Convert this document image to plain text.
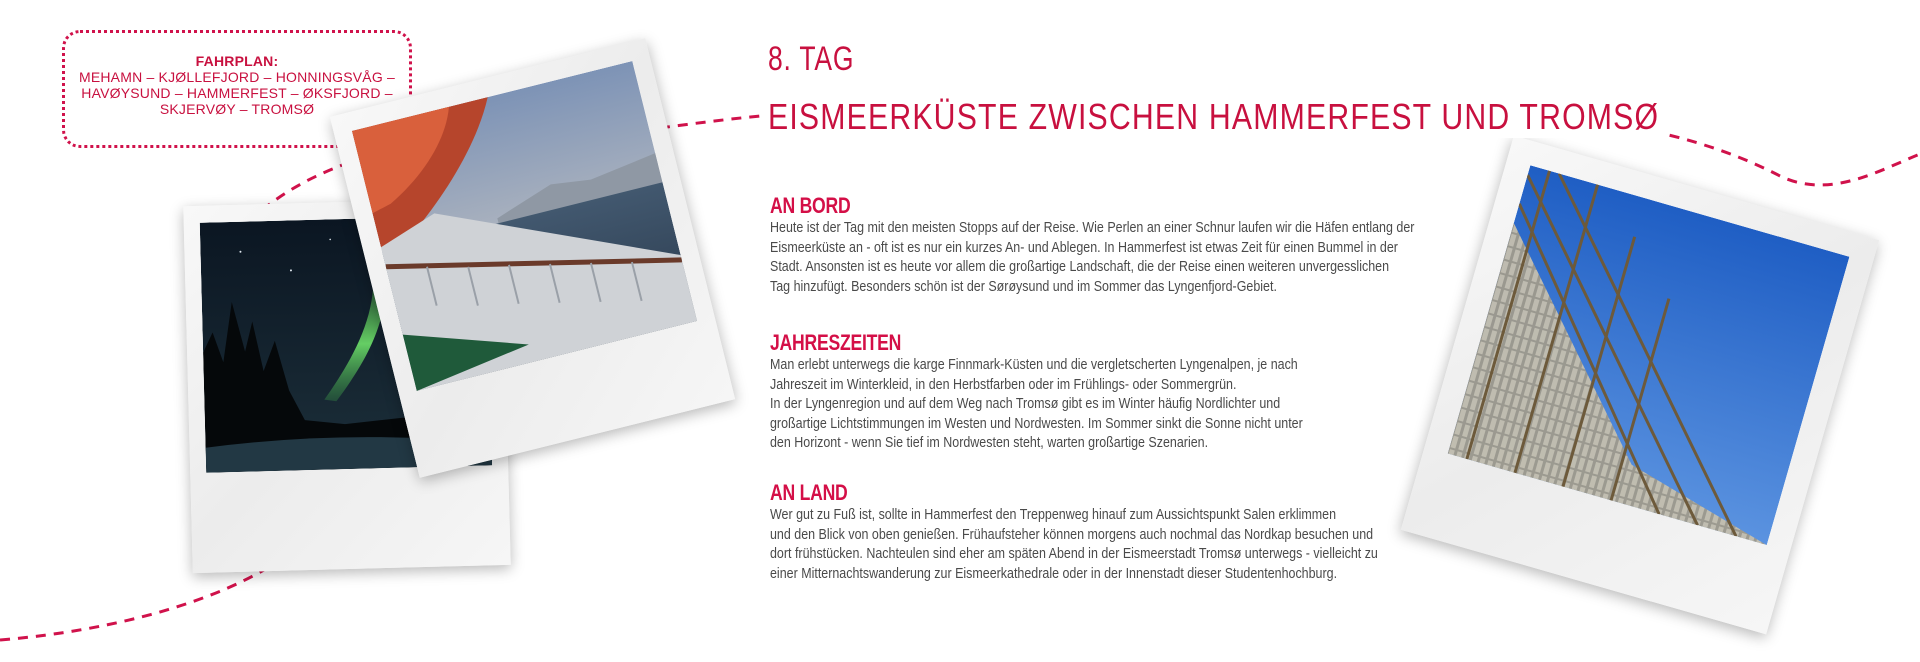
FAHRPLAN:
MEHAMN – KJØLLEFJORD – HONNINGSVÅG –
HAVØYSUND – HAMMERFEST – ØKSFJORD –
SKJERVØY – TROMSØ
8. TAG
EISMEERKÜSTE ZWISCHEN HAMMERFEST UND TROMSØ
AN BORD

Heute ist der Tag mit den meisten Stopps auf der Reise. Wie Perlen an einer Schnur laufen wir die Häfen entlang der
Eismeerküste an - oft ist es nur ein kurzes An- und Ablegen. In Hammerfest ist etwas Zeit für einen Bummel in der
Stadt. Ansonsten ist es heute vor allem die großartige Landschaft, die der Reise einen weiteren unvergesslichen
Tag hinzufügt. Besonders schön ist der Sørøysund und im Sommer das Lyngenfjord-Gebiet.

JAHRESZEITEN

Man erlebt unterwegs die karge Finnmark-Küsten und die vergletscherten Lyngenalpen, je nach
Jahreszeit im Winterkleid, in den Herbstfarben oder im Frühlings- oder Sommergrün.
In der Lyngenregion und auf dem Weg nach Tromsø gibt es im Winter häufig Nordlichter und
großartige Lichtstimmungen im Westen und Nordwesten. Im Sommer sinkt die Sonne nicht unter
den Horizont - wenn Sie tief im Nordwesten steht, warten großartige Szenarien.

AN LAND

Wer gut zu Fuß ist, sollte in Hammerfest den Treppenweg hinauf zum Aussichtspunkt Salen erklimmen
und den Blick von oben genießen. Frühaufsteher können morgens auch nochmal das Nordkap besuchen und
dort frühstücken. Nachteulen sind eher am späten Abend in der Eismeerstadt Tromsø unterwegs - vielleicht zu
einer Mitternachtswanderung zur Eismeerkathedrale oder in der Innenstadt dieser Studentenhochburg.
